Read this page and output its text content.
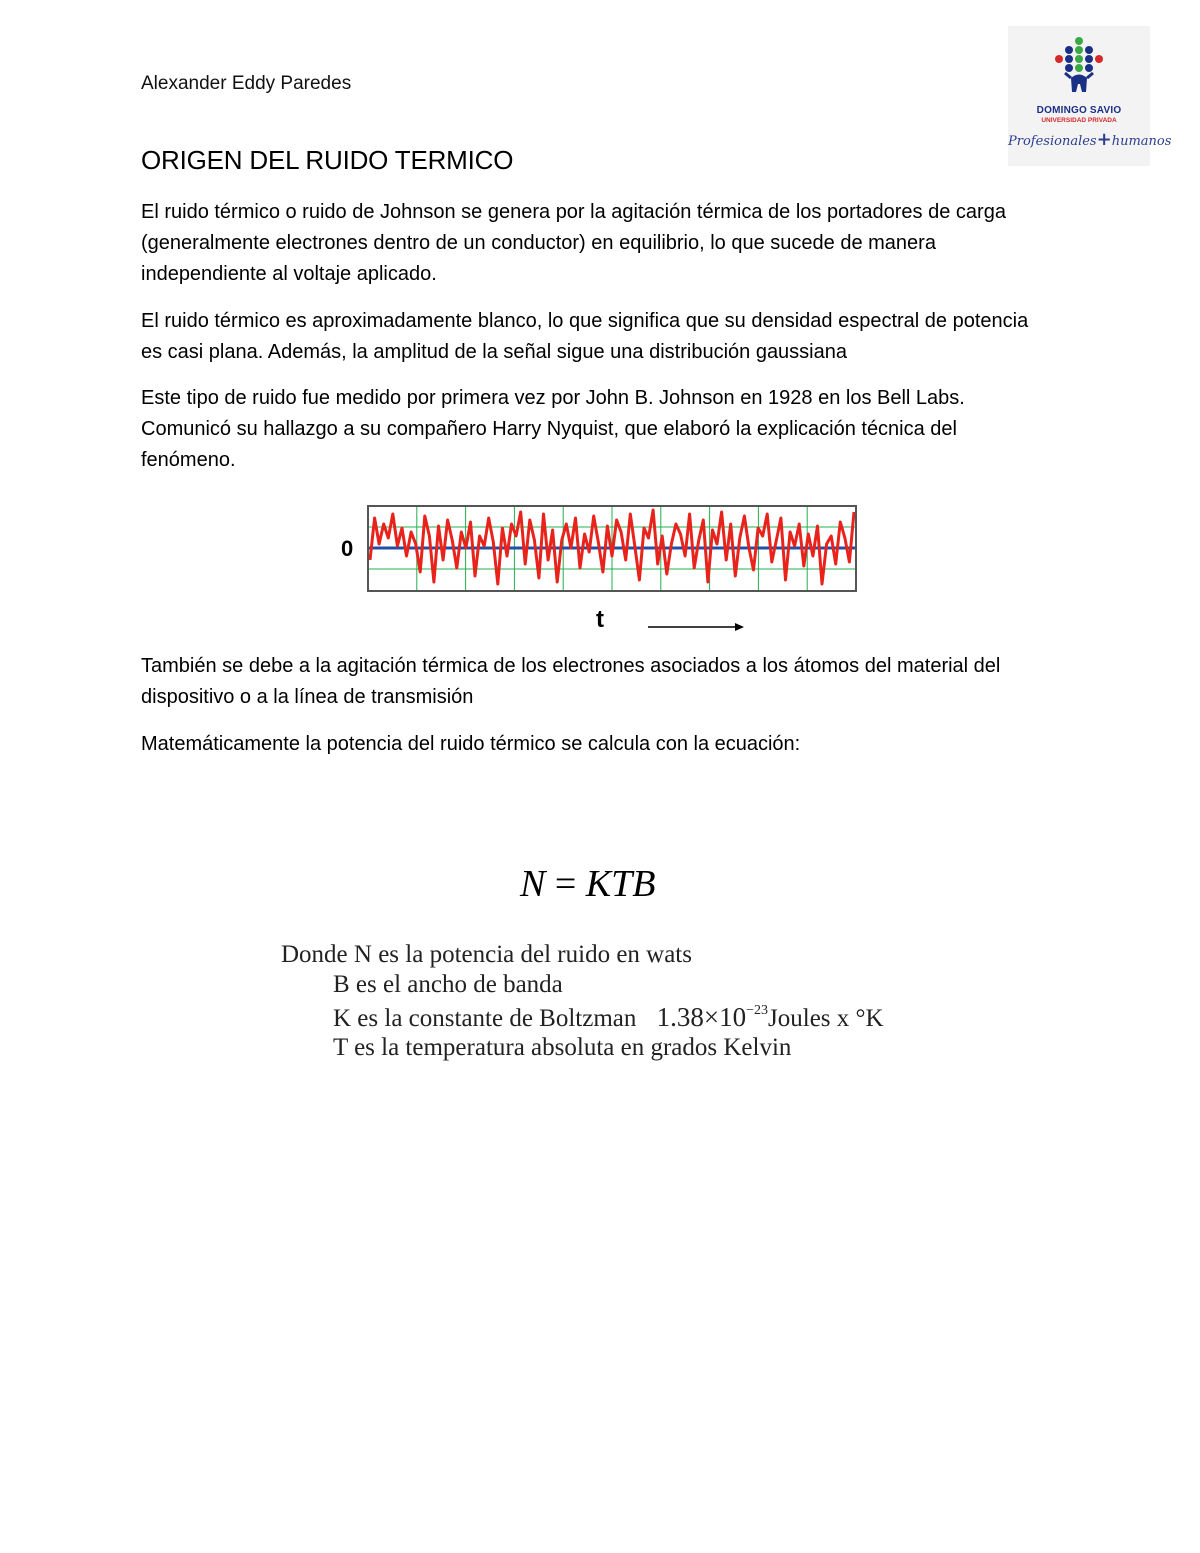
Alexander Eddy Paredes
DOMINGO SAVIO
UNIVERSIDAD PRIVADA
Profesionales+humanos
ORIGEN DEL RUIDO TERMICO

El ruido térmico o ruido de Johnson se genera por la agitación térmica de los portadores de carga (generalmente electrones dentro de un conductor) en equilibrio, lo que sucede de manera independiente al voltaje aplicado.

El ruido térmico es aproximadamente blanco, lo que significa que su densidad espectral de potencia es casi plana. Además, la amplitud de la señal sigue una distribución gaussiana

Este tipo de ruido fue medido por primera vez por John B. Johnson en 1928 en los Bell Labs. Comunicó su hallazgo a su compañero Harry Nyquist, que elaboró la explicación técnica del fenómeno.

0
t

También se debe a la agitación térmica de los electrones asociados a los átomos del material del dispositivo o a la línea de transmisión

Matemáticamente la potencia del ruido térmico se calcula con la ecuación:

N = KTB
Donde N es la potencia del ruido en wats
B es el ancho de banda
K es la constante de Boltzman $1.38\times 10^{-23}Joules$ x °K
T es la temperatura absoluta en grados Kelvin
